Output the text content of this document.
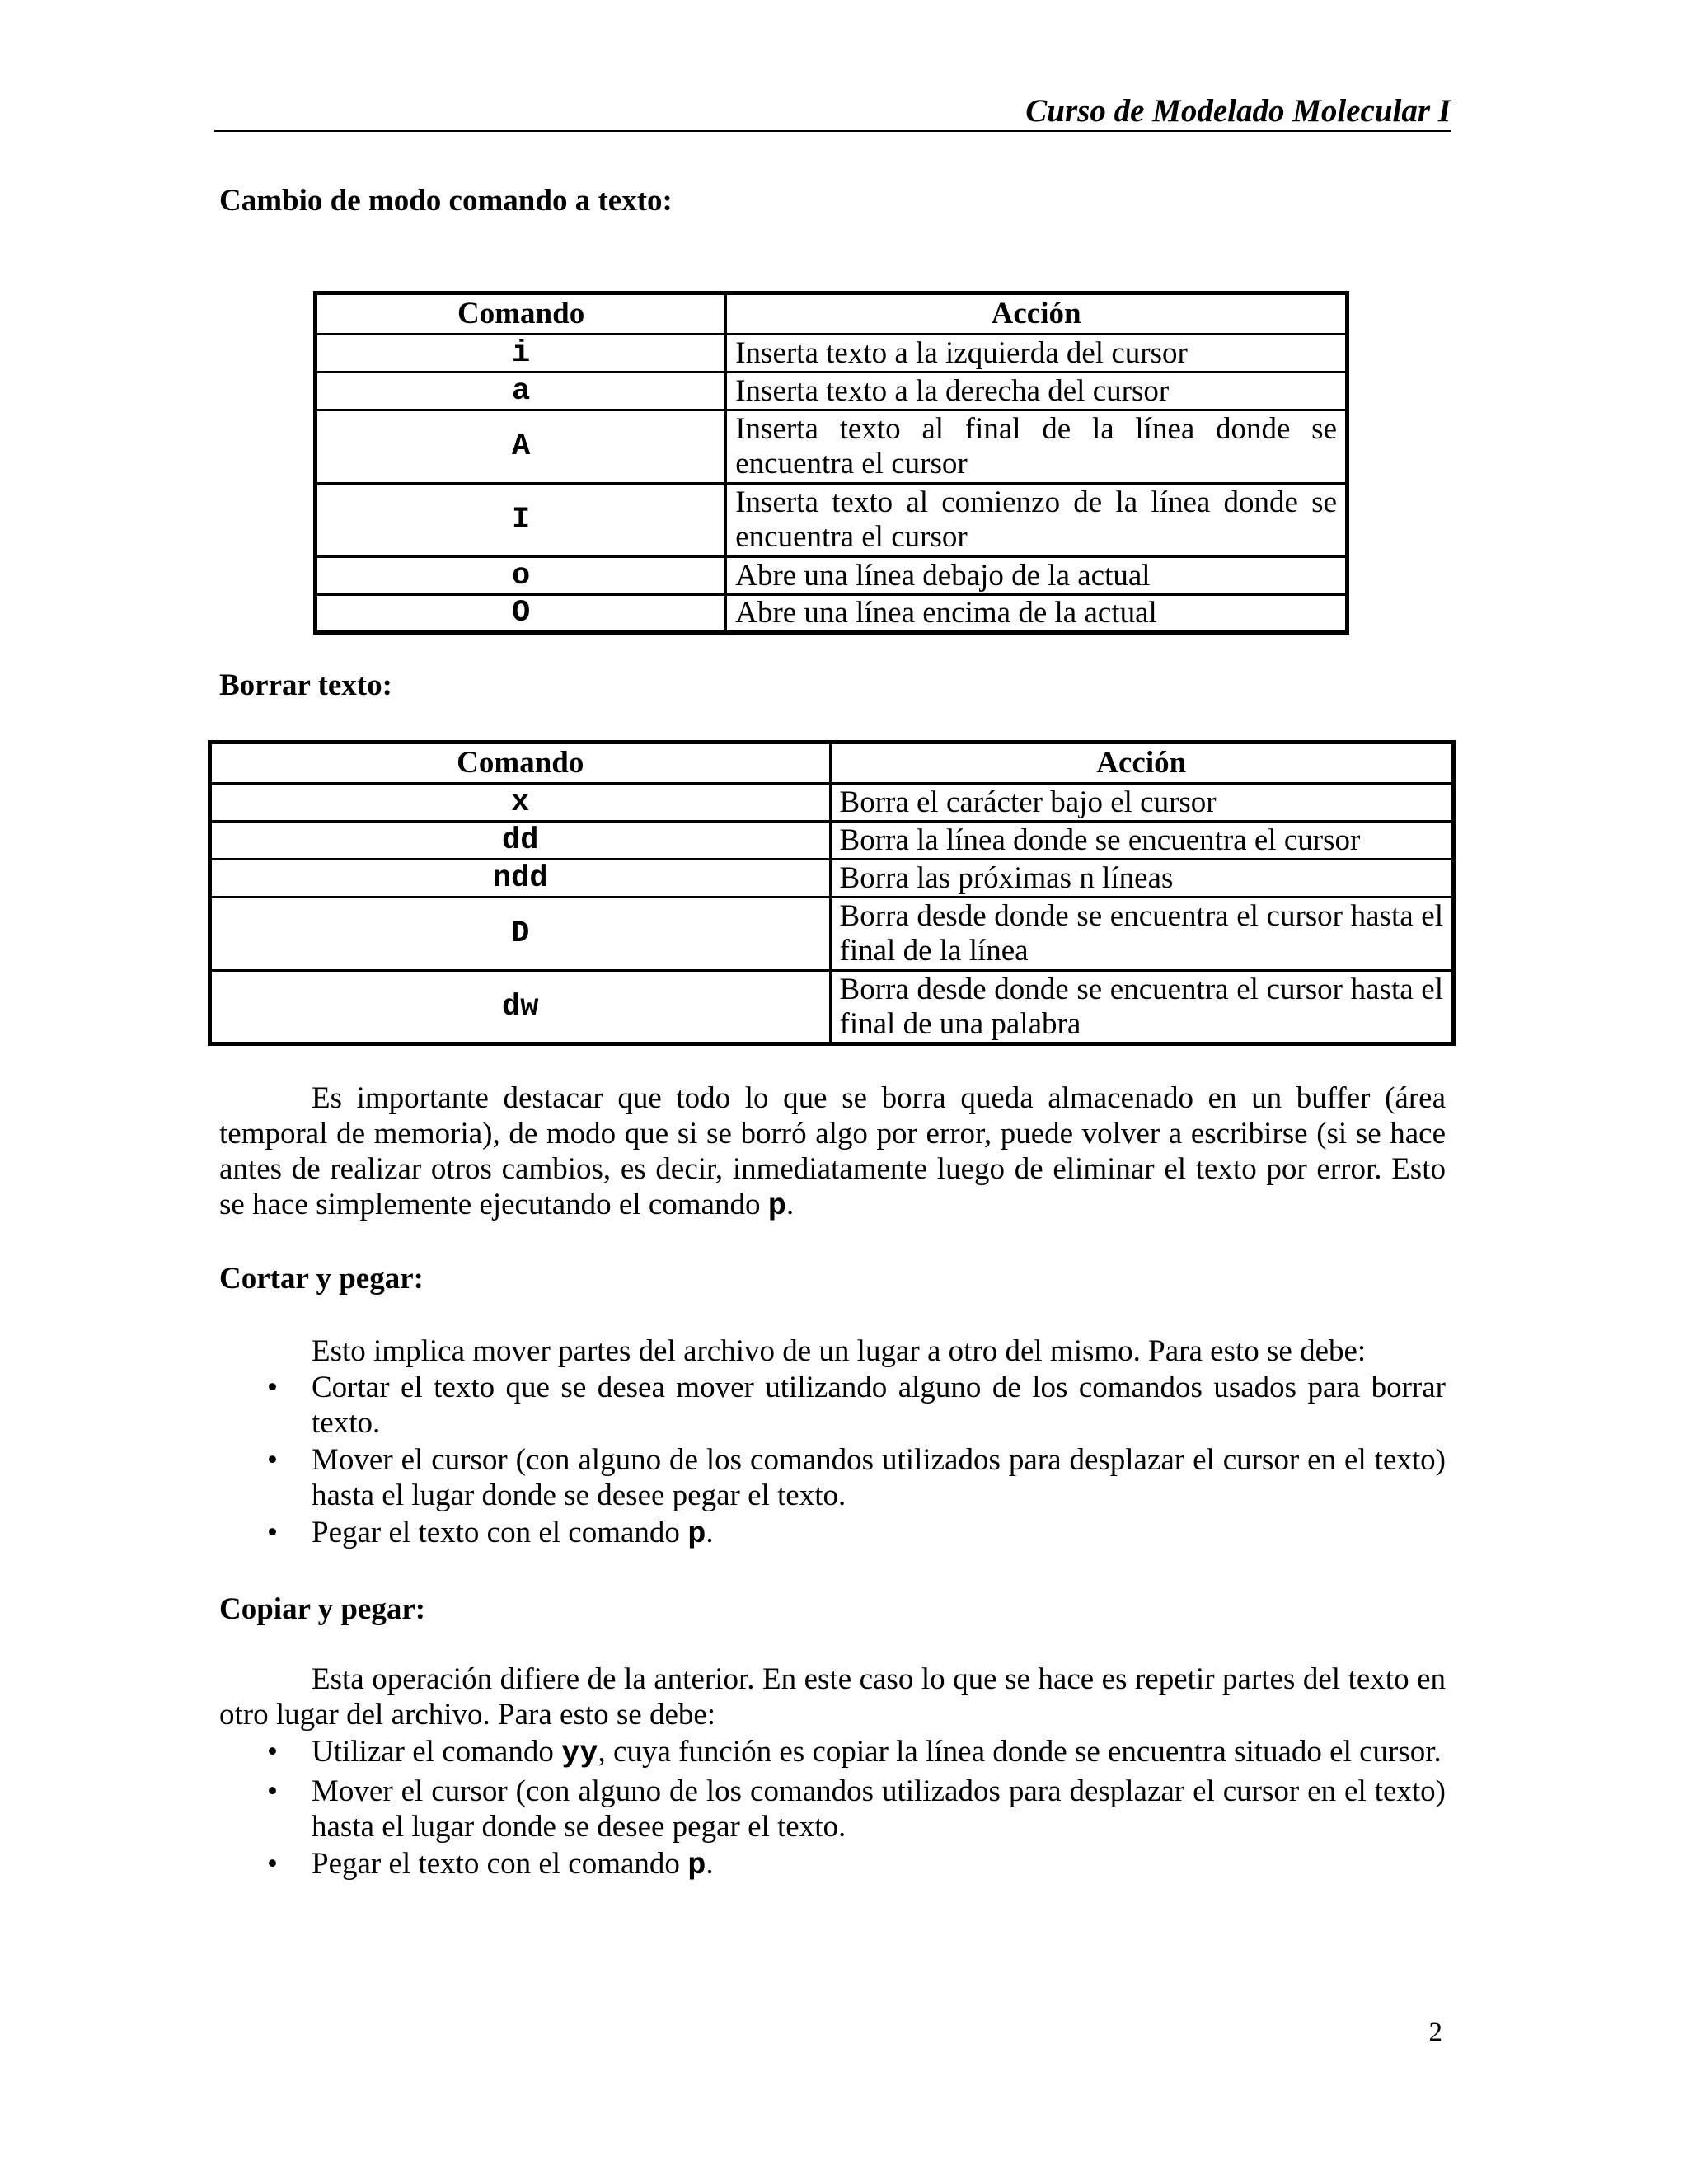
Curso de Modelado Molecular I
Cambio de modo comando a texto:
Comando	Acción
i	Inserta texto a la izquierda del cursor
a	Inserta texto a la derecha del cursor
A	Inserta texto al final de la línea donde se encuentra el cursor
I	Inserta texto al comienzo de la línea donde se encuentra el cursor
o	Abre una línea debajo de la actual
O	Abre una línea encima de la actual
Borrar texto:
Comando	Acción
x	Borra el carácter bajo el cursor
dd	Borra la línea donde se encuentra el cursor
ndd	Borra las próximas n líneas
D	Borra desde donde se encuentra el cursor hasta el final de la línea
dw	Borra desde donde se encuentra el cursor hasta el final de una palabra
Es importante destacar que todo lo que se borra queda almacenado en un buffer (área temporal de memoria), de modo que si se borró algo por error, puede volver a escribirse (si se hace antes de realizar otros cambios, es decir, inmediatamente luego de eliminar el texto por error. Esto se hace simplemente ejecutando el comando p.
Cortar y pegar:
Esto implica mover partes del archivo de un lugar a otro del mismo. Para esto se debe:
• Cortar el texto que se desea mover utilizando alguno de los comandos usados para borrar texto.
• Mover el cursor (con alguno de los comandos utilizados para desplazar el cursor en el texto) hasta el lugar donde se desee pegar el texto.
• Pegar el texto con el comando p.
Copiar y pegar:
Esta operación difiere de la anterior. En este caso lo que se hace es repetir partes del texto en otro lugar del archivo. Para esto se debe:
• Utilizar el comando yy, cuya función es copiar la línea donde se encuentra situado el cursor.
• Mover el cursor (con alguno de los comandos utilizados para desplazar el cursor en el texto) hasta el lugar donde se desee pegar el texto.
• Pegar el texto con el comando p.
2
